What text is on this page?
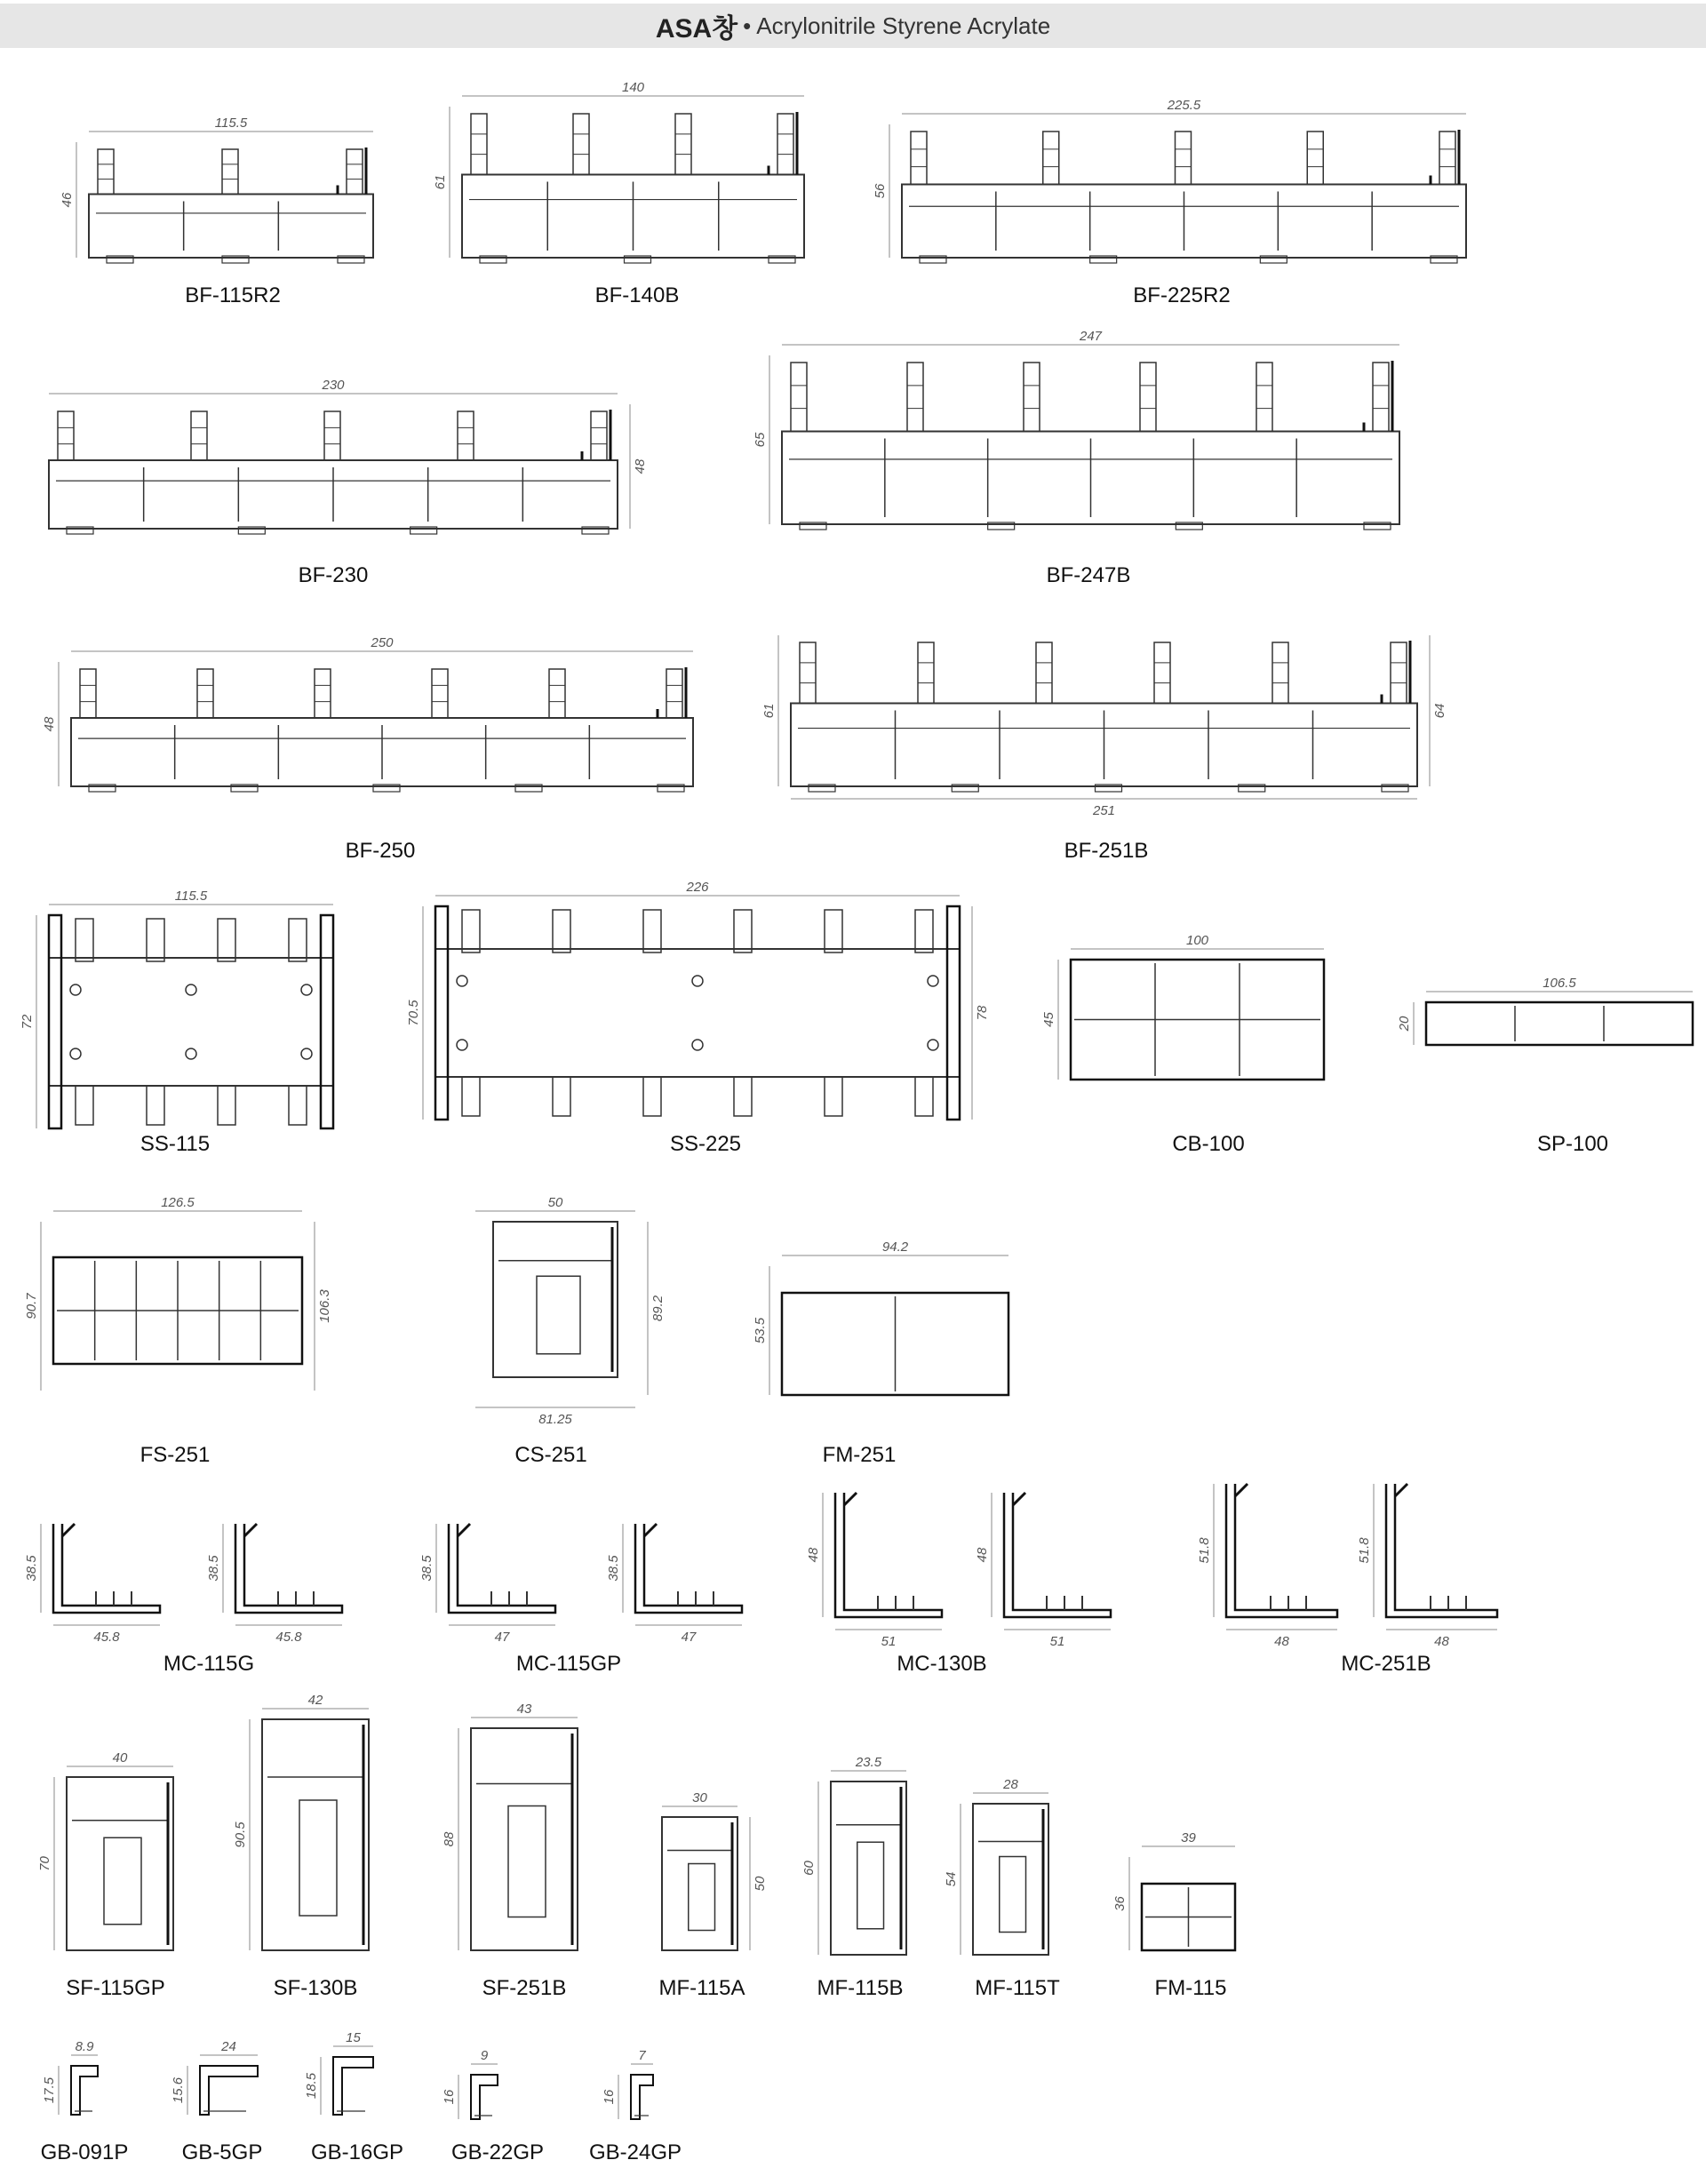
ASA창 • Acrylonitrile Styrene Acrylate
115.5
46
BF-115R2
140
61
BF-140B
225.5
56
BF-225R2
230
48
BF-230
247
65
BF-247B
250
48
BF-250
251
61	64
BF-251B
115.5
72
SS-115
226
70.5	78
SS-225
100
45
CB-100
106.5
20
SP-100
126.5
90.7	106.3
FS-251
50
81.25
89.2
CS-251
94.2
53.5
FM-251
45.8
38.5
MC-115G
45.8
38.5
47
38.5
MC-115GP
47
38.5
51
48
MC-130B
51
48
48
51.8
MC-251B
48
51.8
40
70
SF-115GP
42
90.5
SF-130B
43
88
SF-251B
30
50
MF-115A
23.5
60
MF-115B
28
54
MF-115T
39
36
FM-115
8.9
17.5
GB-091P
24
15.6
GB-5GP
15
18.5
GB-16GP
9
16
GB-22GP
7
16
GB-24GP
